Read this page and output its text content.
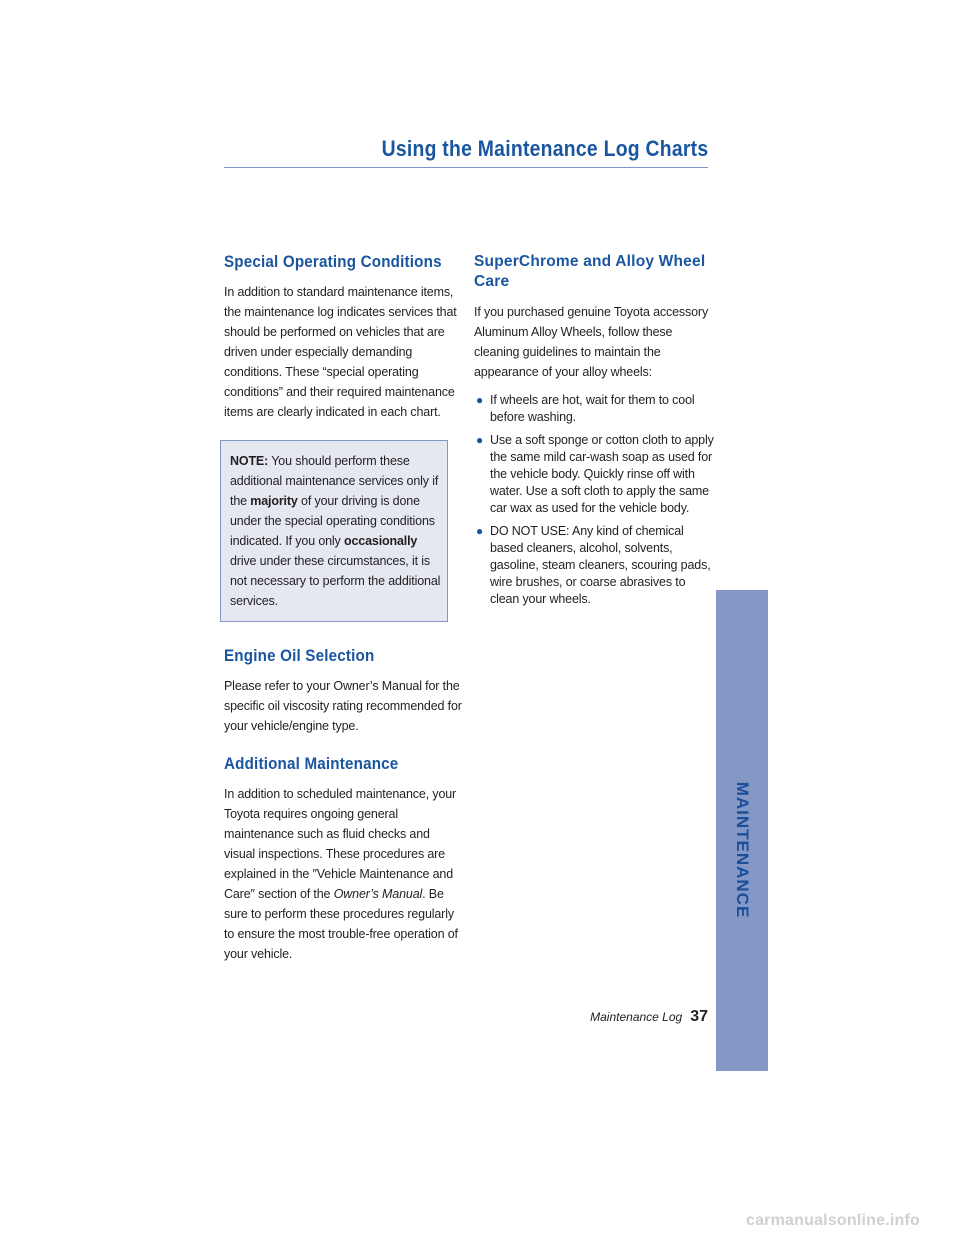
Using the Maintenance Log Charts
Special Operating Conditions

In addition to standard maintenance items, the maintenance log indicates services that should be performed on vehicles that are driven under especially demanding conditions. These “special operating conditions” and their required maintenance items are clearly indicated in each chart.

NOTE: You should perform these additional maintenance services only if the majority of your driving is done under the special operating conditions indicated. If you only occasionally drive under these circumstances, it is not necessary to perform the additional services.
Engine Oil Selection

Please refer to your Owner’s Manual for the specific oil viscosity rating recommended for your vehicle/engine type.

Additional Maintenance

In addition to scheduled maintenance, your Toyota requires ongoing general maintenance such as fluid checks and visual inspections. These procedures are explained in the ″Vehicle Maintenance and Care″ section of the Owner’s Manual. Be sure to perform these procedures regularly to ensure the most trouble-free operation of your vehicle.

SuperChrome and Alloy Wheel Care

If you purchased genuine Toyota accessory Aluminum Alloy Wheels, follow these cleaning guidelines to maintain the appearance of your alloy wheels:

● If wheels are hot, wait for them to cool before washing.
● Use a soft sponge or cotton cloth to apply the same mild car-wash soap as used for the vehicle body. Quickly rinse off with water. Use a soft cloth to apply the same car wax as used for the vehicle body.
● DO NOT USE: Any kind of chemical based cleaners, alcohol, solvents, gasoline, steam cleaners, scouring pads, wire brushes, or coarse abrasives to clean your wheels.
MAINTENANCE
Maintenance Log 37
carmanualsonline.info
